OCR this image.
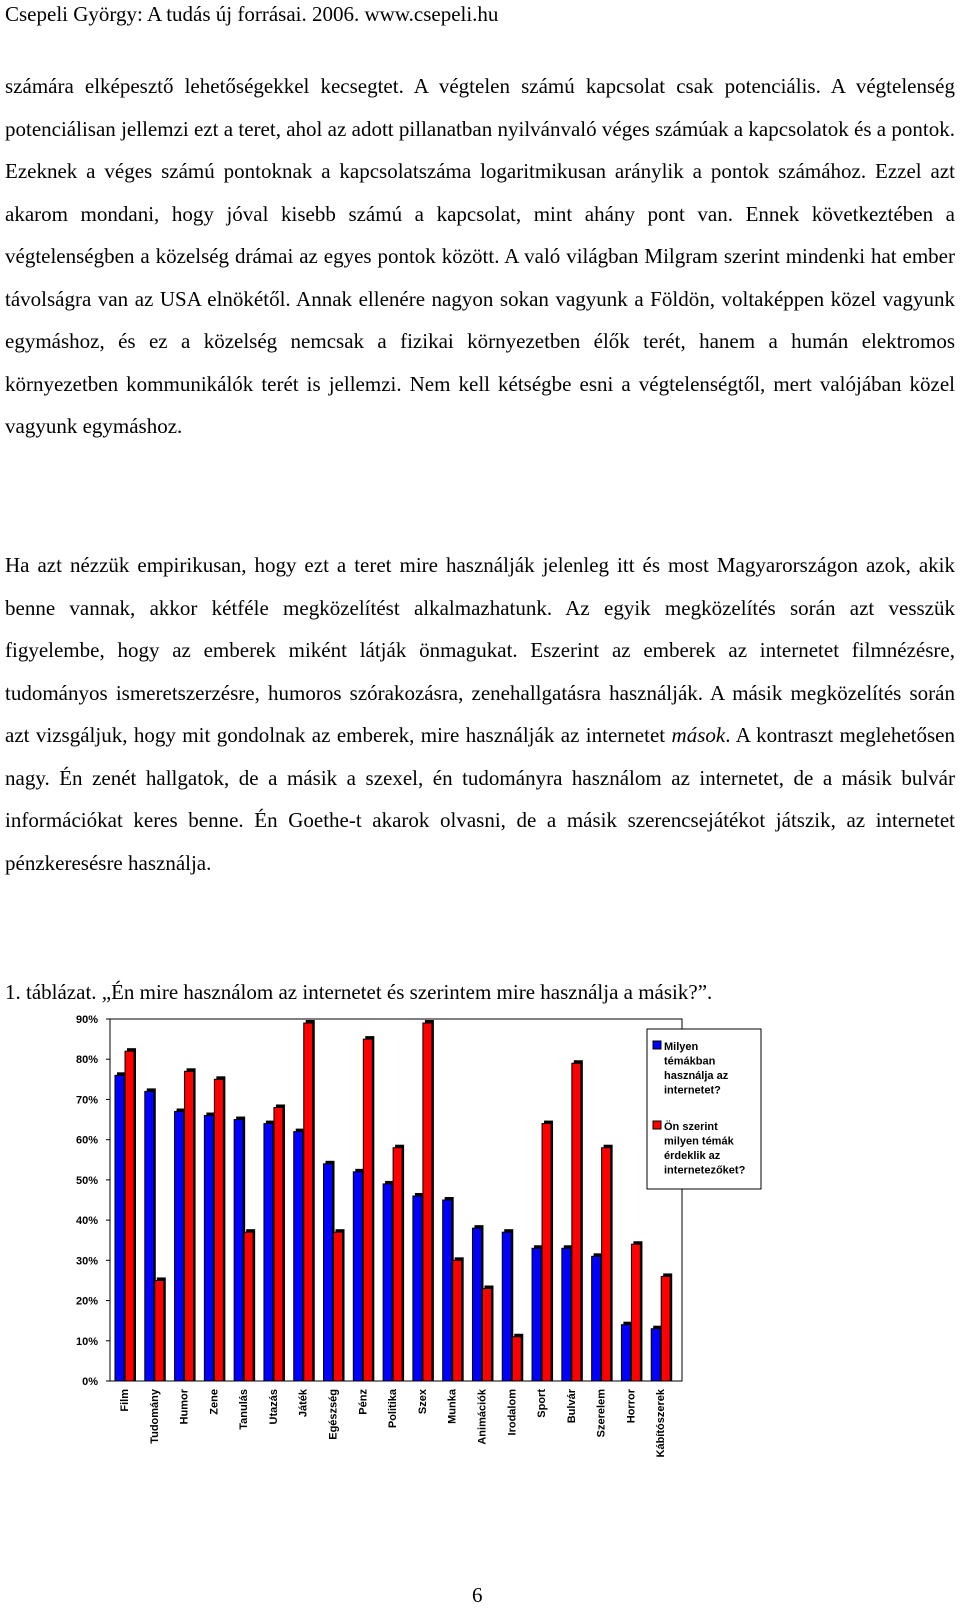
Csepeli György: A tudás új forrásai. 2006. www.csepeli.hu

számára elképesztő lehetőségekkel kecsegtet. A végtelen számú kapcsolat csak potenciális. A végtelenség potenciálisan jellemzi ezt a teret, ahol az adott pillanatban nyilvánvaló véges számúak a kapcsolatok és a pontok. Ezeknek a véges számú pontoknak a kapcsolatszáma logaritmikusan aránylik a pontok számához. Ezzel azt akarom mondani, hogy jóval kisebb számú a kapcsolat, mint ahány pont van. Ennek következtében a végtelenségben a közelség drámai az egyes pontok között. A való világban Milgram szerint mindenki hat ember távolságra van az USA elnökétől. Annak ellenére nagyon sokan vagyunk a Földön, voltaképpen közel vagyunk egymáshoz, és ez a közelség nemcsak a fizikai környezetben élők terét, hanem a humán elektromos környezetben kommunikálók terét is jellemzi. Nem kell kétségbe esni a végtelenségtől, mert valójában közel vagyunk egymáshoz.

Ha azt nézzük empirikusan, hogy ezt a teret mire használják jelenleg itt és most Magyarországon azok, akik benne vannak, akkor kétféle megközelítést alkalmazhatunk. Az egyik megközelítés során azt vesszük figyelembe, hogy az emberek miként látják önmagukat. Eszerint az emberek az internetet filmnézésre, tudományos ismeretszerzésre, humoros szórakozásra, zenehallgatásra használják. A másik megközelítés során azt vizsgáljuk, hogy mit gondolnak az emberek, mire használják az internetet mások. A kontraszt meglehetősen nagy. Én zenét hallgatok, de a másik a szexel, én tudományra használom az internetet, de a másik bulvár információkat keres benne. Én Goethe-t akarok olvasni, de a másik szerencsejátékot játszik, az internetet pénzkeresésre használja.

1. táblázat. „Én mire használom az internetet és szerintem mire használja a másik?”.
0%
10%
20%
30%
40%
50%
60%
70%
80%
90%
Film Tudomány Humor Zene Tanulás Utazás Játék Egészség Pénz Politika Szex Munka Animációk Irodalom Sport Bulvár Szerelem Horror Kábítószerek
Milyen
témákban
használja az
internetet?
Ön szerint
milyen témák
érdeklik az
internetezőket?
6
